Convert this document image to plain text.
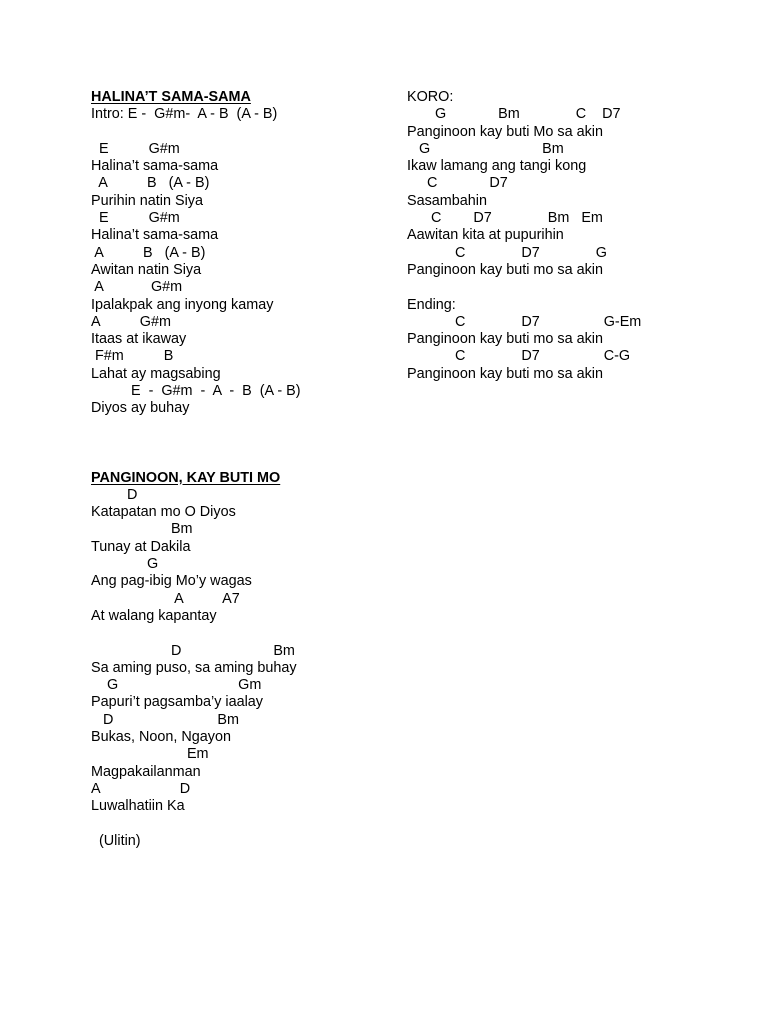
HALINA’T SAMA-SAMA
Intro: E -  G#m-  A - B  (A - B)
E          G#m
Halina’t sama-sama
A          B   (A - B)
Purihin natin Siya
E          G#m
Halina’t sama-sama
A          B   (A - B)
Awitan natin Siya
A            G#m
Ipalakpak ang inyong kamay
A          G#m
Itaas at ikaway
F#m          B
Lahat ay magsabing
E  -  G#m  -  A  -  B  (A - B)
Diyos ay buhay
PANGINOON, KAY BUTI MO
D
Katapatan mo O Diyos
Bm
Tunay at Dakila
G
Ang pag-ibig Mo’y wagas
A          A7
At walang kapantay
D                       Bm
Sa aming puso, sa aming buhay
G                              Gm
Papuri’t pagsamba’y iaalay
D                          Bm
Bukas, Noon, Ngayon
Em
Magpakailanman
A                    D
Luwalhatiin Ka
(Ulitin)
KORO:
G             Bm              C    D7
Panginoon kay buti Mo sa akin
G                            Bm
Ikaw lamang ang tangi kong
C             D7
Sasambahin
C        D7              Bm   Em
Aawitan kita at pupurihin
C              D7              G
Panginoon kay buti mo sa akin
Ending:
C              D7                G-Em
Panginoon kay buti mo sa akin
C              D7                C-G
Panginoon kay buti mo sa akin
